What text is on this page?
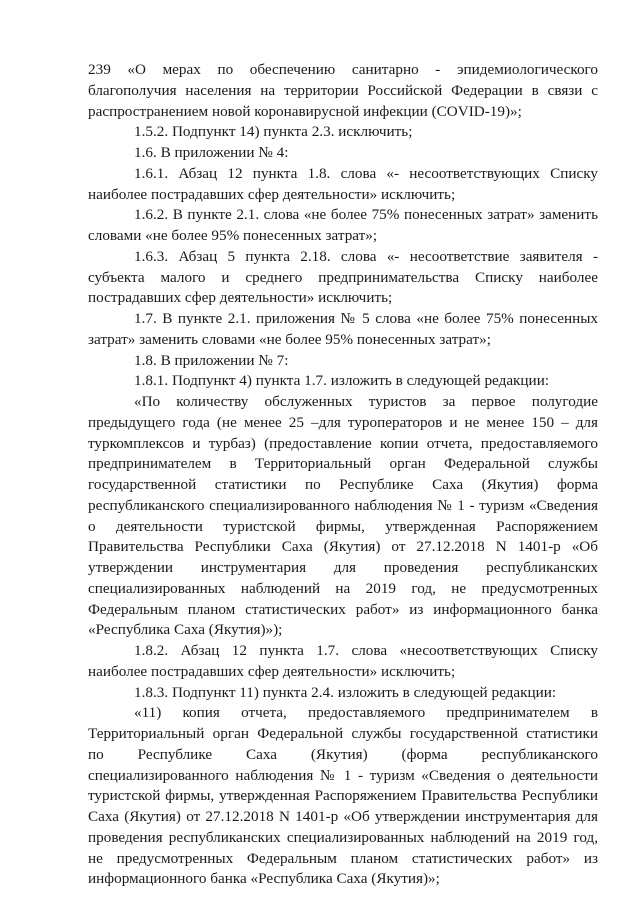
239 «О мерах по обеспечению санитарно - эпидемиологического
благополучия населения на территории Российской Федерации в связи с
распространением новой коронавирусной инфекции (COVID-19)»;
1.5.2. Подпункт 14) пункта 2.3. исключить;
1.6. В приложении № 4:
1.6.1. Абзац 12 пункта 1.8. слова «- несоответствующих Списку
наиболее пострадавших сфер деятельности» исключить;
1.6.2. В пункте 2.1. слова «не более 75% понесенных затрат» заменить
словами «не более 95% понесенных затрат»;
1.6.3. Абзац 5 пункта 2.18. слова «- несоответствие заявителя -
субъекта малого и среднего предпринимательства Списку наиболее
пострадавших сфер деятельности» исключить;
1.7. В пункте 2.1. приложения № 5 слова «не более 75% понесенных
затрат» заменить словами «не более 95% понесенных затрат»;
1.8. В приложении № 7:
1.8.1. Подпункт 4) пункта 1.7. изложить в следующей редакции:
«По количеству обслуженных туристов за первое полугодие
предыдущего года (не менее 25 –для туроператоров и не менее 150 – для
туркомплексов и турбаз) (предоставление копии отчета, предоставляемого
предпринимателем в Территориальный орган Федеральной службы
государственной статистики по Республике Саха (Якутия) форма
республиканского специализированного наблюдения № 1 - туризм «Сведения
о деятельности туристской фирмы, утвержденная Распоряжением
Правительства Республики Саха (Якутия) от 27.12.2018 N 1401-р «Об
утверждении инструментария для проведения республиканских
специализированных наблюдений на 2019 год, не предусмотренных
Федеральным планом статистических работ» из информационного банка
«Республика Саха (Якутия)»);
1.8.2. Абзац 12 пункта 1.7. слова «несоответствующих Списку
наиболее пострадавших сфер деятельности» исключить;
1.8.3. Подпункт 11) пункта 2.4. изложить в следующей редакции:
«11) копия отчета, предоставляемого предпринимателем в
Территориальный орган Федеральной службы государственной статистики
по Республике Саха (Якутия) (форма республиканского
специализированного наблюдения № 1 - туризм «Сведения о деятельности
туристской фирмы, утвержденная Распоряжением Правительства Республики
Саха (Якутия) от 27.12.2018 N 1401-р «Об утверждении инструментария для
проведения республиканских специализированных наблюдений на 2019 год,
не предусмотренных Федеральным планом статистических работ» из
информационного банка «Республика Саха (Якутия)»;
